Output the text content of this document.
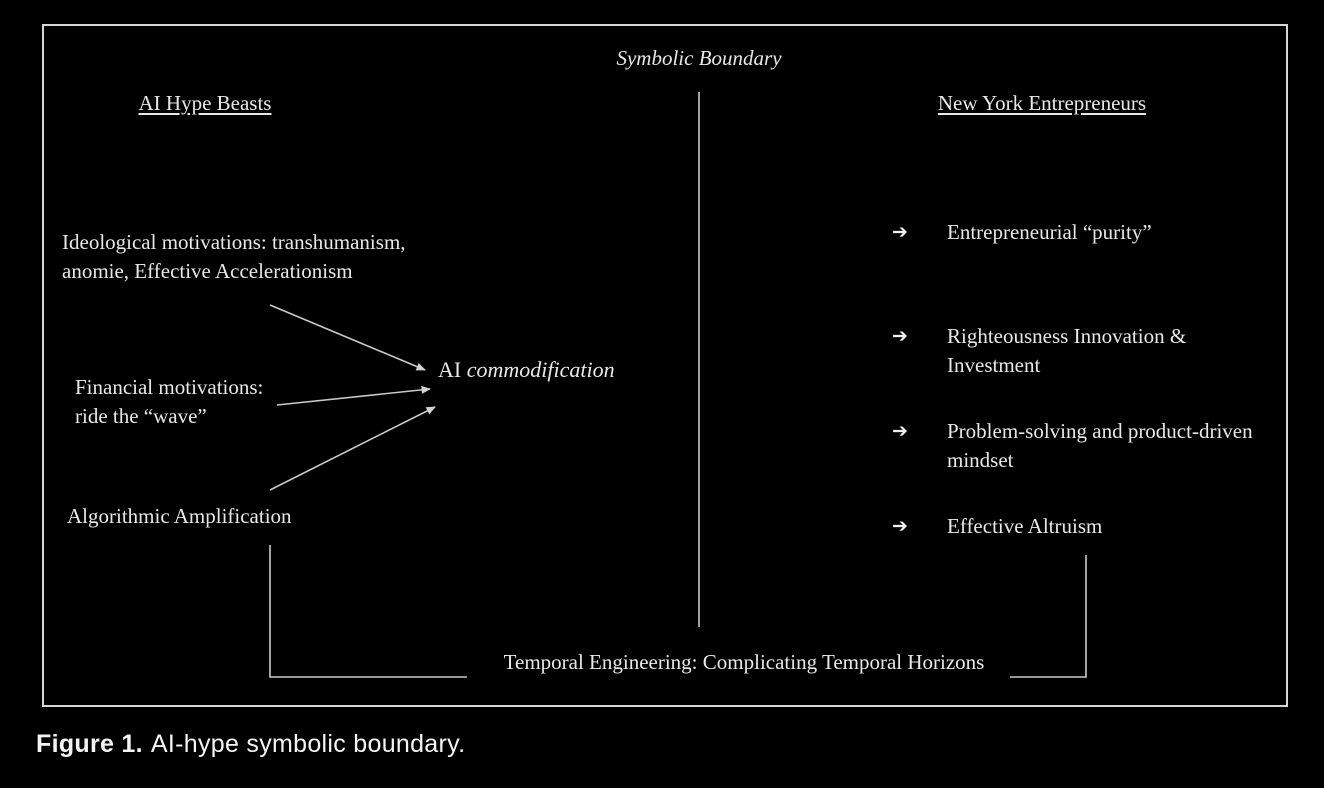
Symbolic Boundary
AI Hype Beasts	New York Entrepreneurs
Ideological motivations: transhumanism,
anomie, Effective Accelerationism
Financial motivations:
ride the “wave”
Algorithmic Amplification
AI commodification
➔	Entrepreneurial “purity”
➔	Righteousness Innovation &
Investment
➔	Problem-solving and product-driven
mindset
➔	Effective Altruism
Temporal Engineering: Complicating Temporal Horizons
Figure 1. AI-hype symbolic boundary.
